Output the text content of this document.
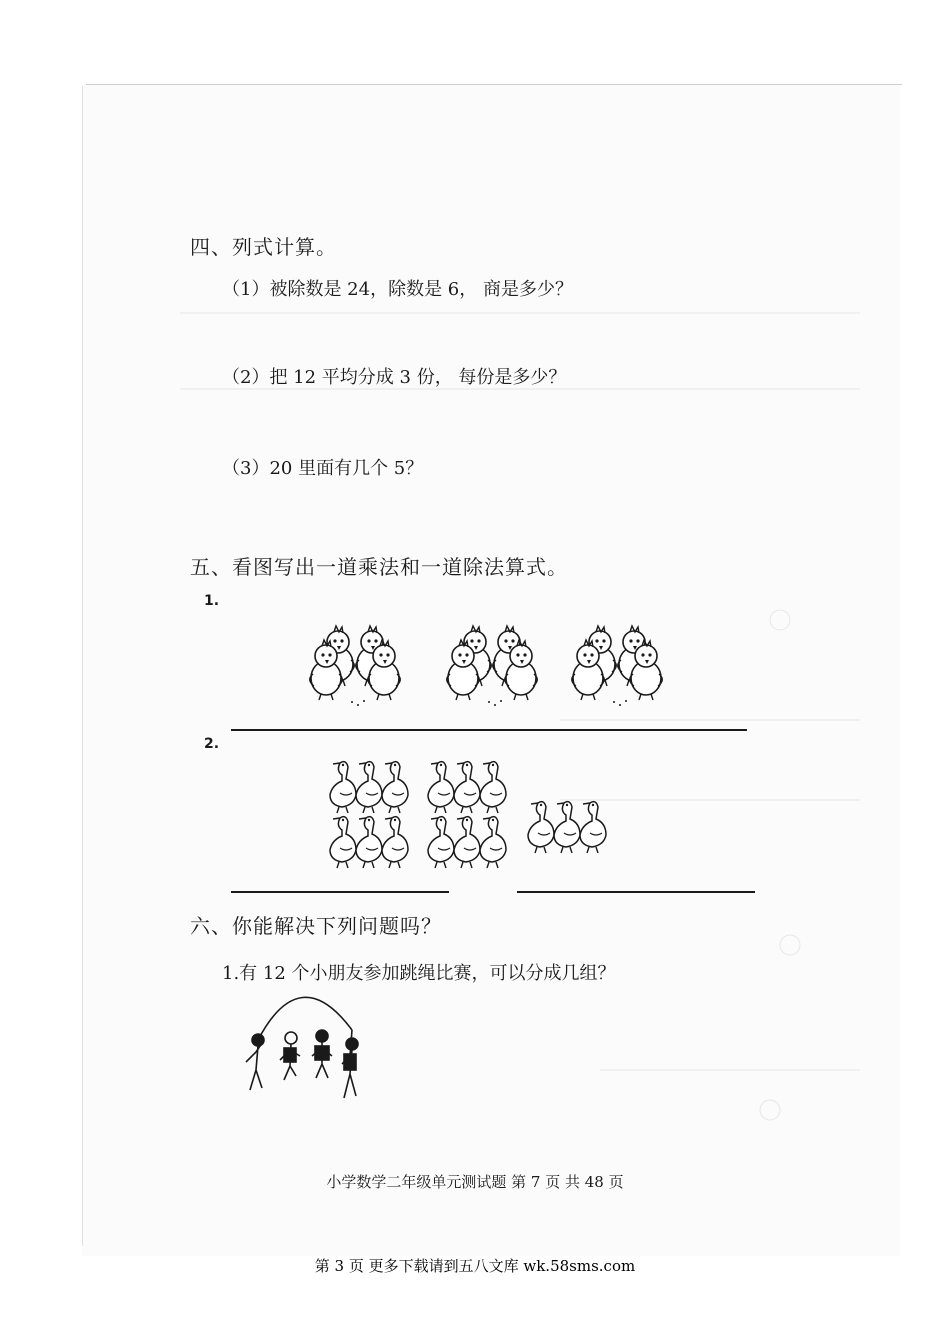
四、列式计算。
（1）被除数是 24，除数是 6， 商是多少？
（2）把 12 平均分成 3 份， 每份是多少？
（3）20 里面有几个 5？
五、看图写出一道乘法和一道除法算式。
1.
2.
六、你能解决下列问题吗？
1.有 12 个小朋友参加跳绳比赛，可以分成几组？
小学数学二年级单元测试题 第 7 页 共 48 页
第 3 页 更多下载请到五八文库 wk.58sms.com
